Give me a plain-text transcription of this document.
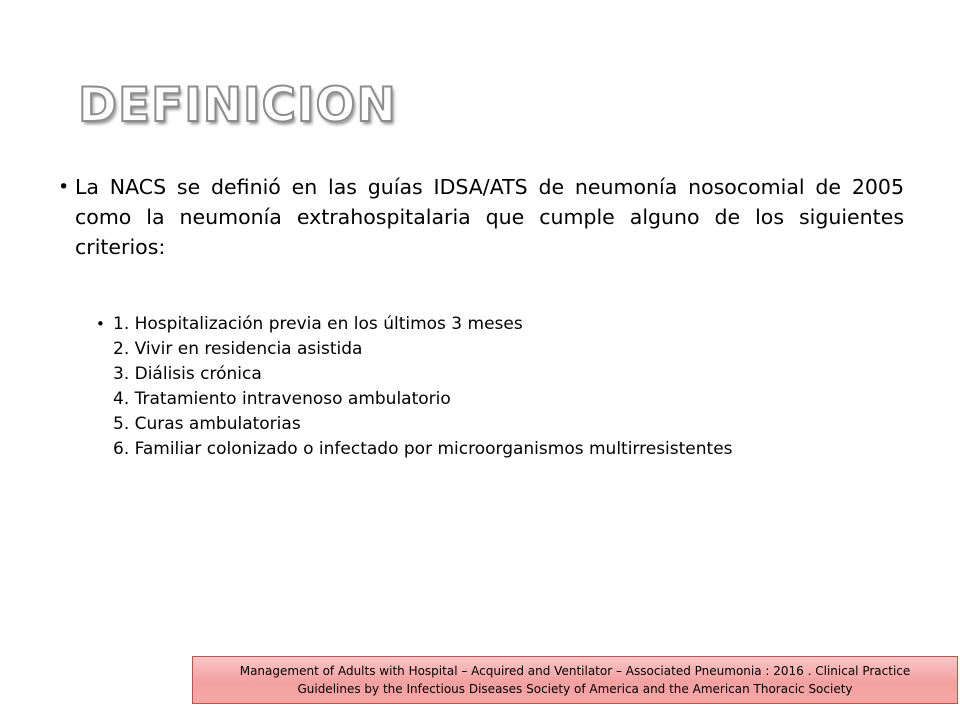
DEFINICION
• La NACS se definió en las guías IDSA/ATS de neumonía nosocomial de 2005 como la neumonía extrahospitalaria que cumple alguno de los siguientes criterios:
• 1. Hospitalización previa en los últimos 3 meses
2. Vivir en residencia asistida
3. Diálisis crónica
4. Tratamiento intravenoso ambulatorio
5. Curas ambulatorias
6. Familiar colonizado o infectado por microorganismos multirresistentes
Management of Adults with Hospital – Acquired and Ventilator – Associated Pneumonia : 2016 . Clinical Practice
Guidelines by the Infectious Diseases Society of America and the American Thoracic Society
